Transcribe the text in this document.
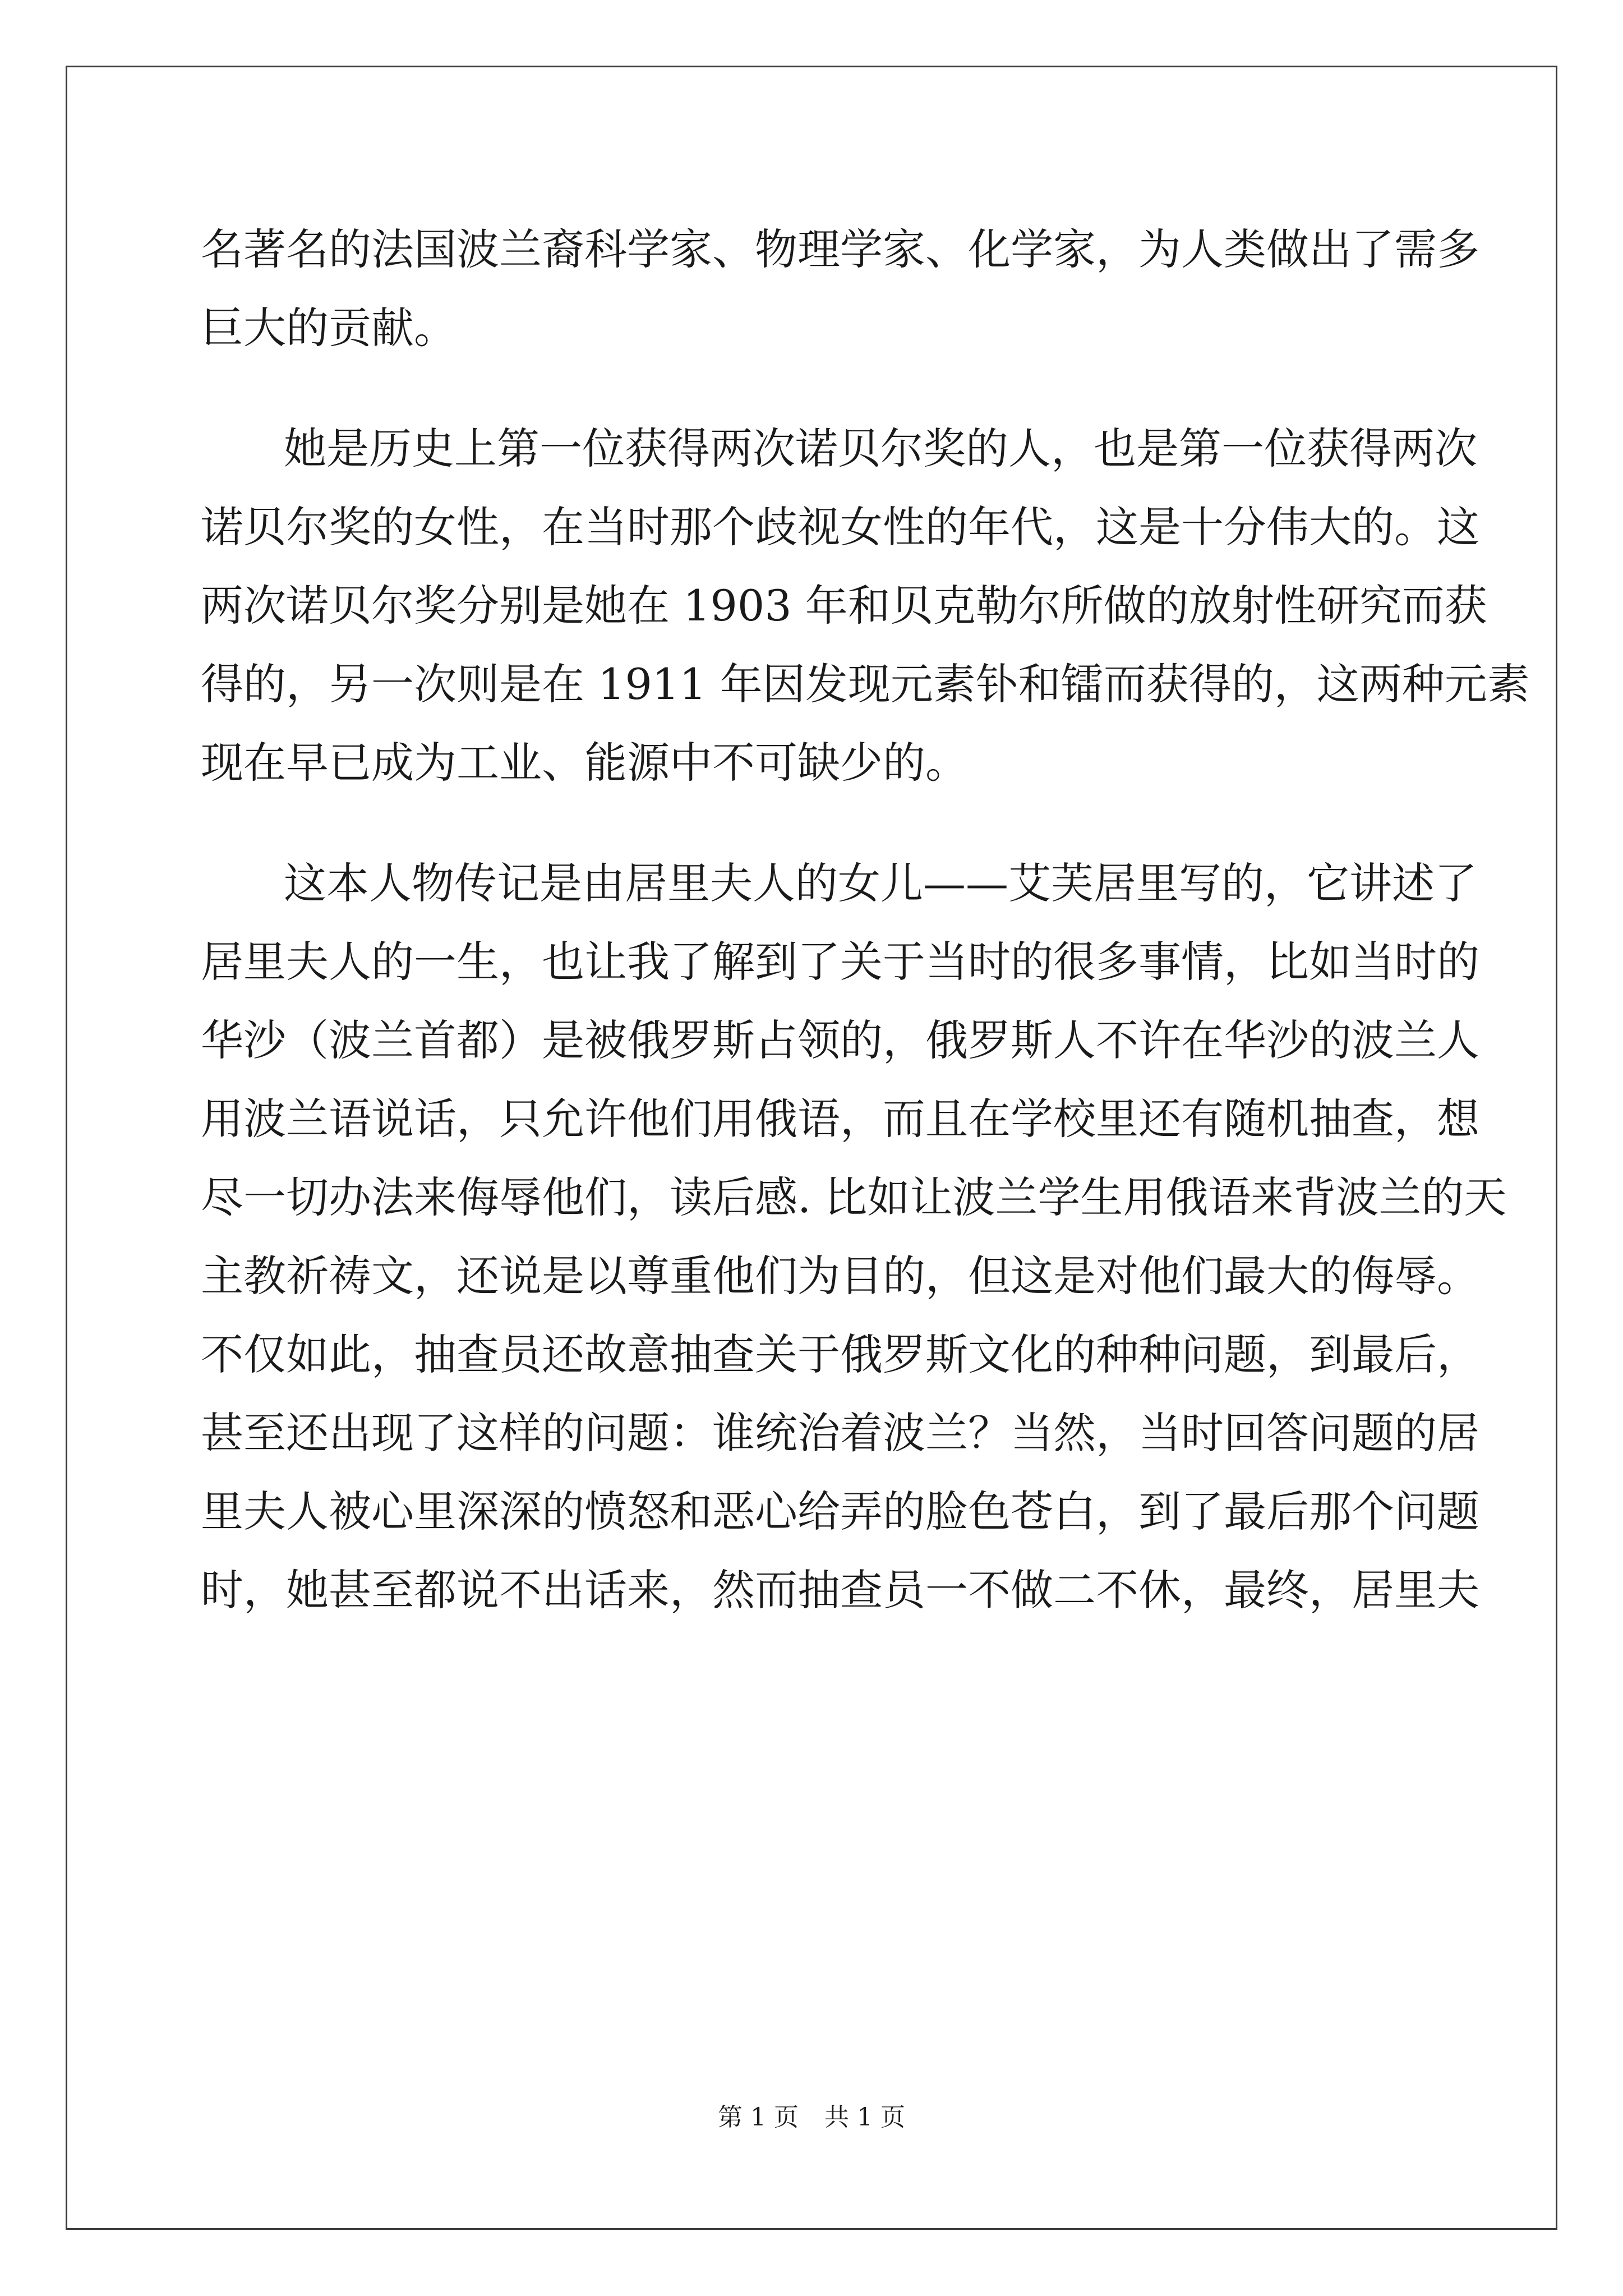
名著名的法国波兰裔科学家、物理学家、化学家，为人类做出了需多
巨大的贡献。
她是历史上第一位获得两次诺贝尔奖的人，也是第一位获得两次
诺贝尔奖的女性，在当时那个歧视女性的年代，这是十分伟大的。这
两次诺贝尔奖分别是她在 1903 年和贝克勒尔所做的放射性研究而获
得的，另一次则是在 1911 年因发现元素钋和镭而获得的，这两种元素
现在早已成为工业、能源中不可缺少的。
这本人物传记是由居里夫人的女儿——艾芙居里写的，它讲述了
居里夫人的一生，也让我了解到了关于当时的很多事情，比如当时的
华沙（波兰首都）是被俄罗斯占领的，俄罗斯人不许在华沙的波兰人
用波兰语说话，只允许他们用俄语，而且在学校里还有随机抽查，想
尽一切办法来侮辱他们，读后感. 比如让波兰学生用俄语来背波兰的天
主教祈祷文，还说是以尊重他们为目的，但这是对他们最大的侮辱。
不仅如此，抽查员还故意抽查关于俄罗斯文化的种种问题，到最后，
甚至还出现了这样的问题：谁统治着波兰？当然，当时回答问题的居
里夫人被心里深深的愤怒和恶心给弄的脸色苍白，到了最后那个问题
时，她甚至都说不出话来，然而抽查员一不做二不休，最终，居里夫
第 1 页 共 1 页
